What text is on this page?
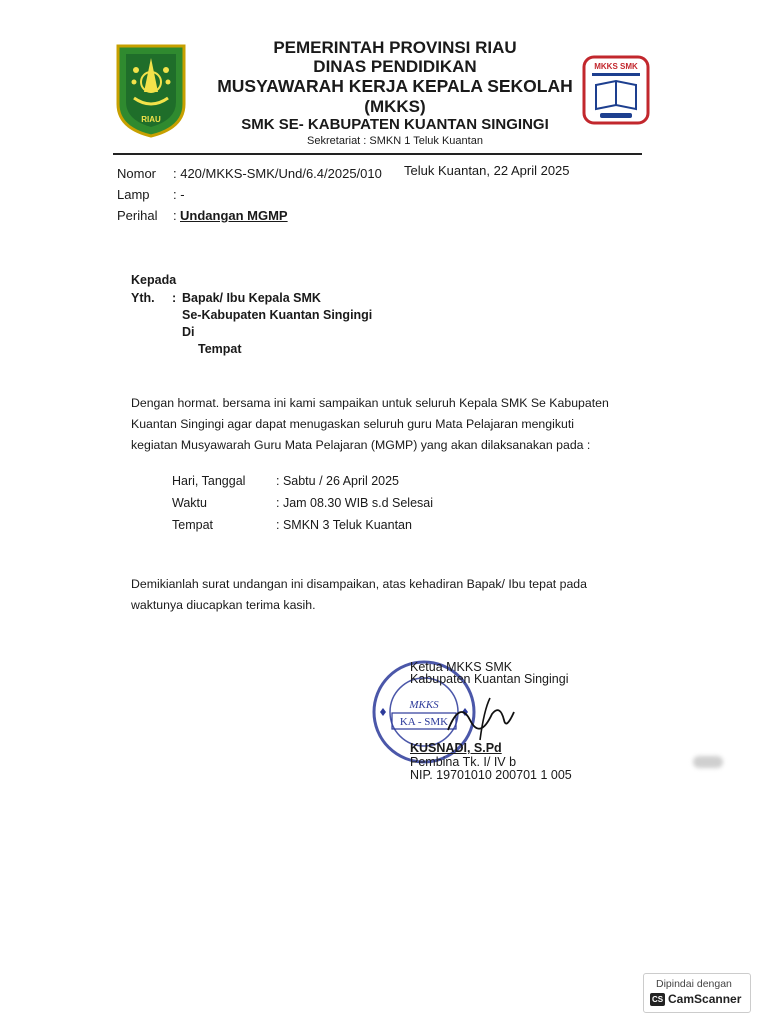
RIAU
MKKS SMK
PEMERINTAH PROVINSI RIAU
DINAS PENDIDIKAN
MUSYAWARAH KERJA KEPALA SEKOLAH
(MKKS)
SMK SE- KABUPATEN KUANTAN SINGINGI
Sekretariat : SMKN 1 Teluk Kuantan
Nomor : 420/MKKS-SMK/Und/6.4/2025/010 Teluk Kuantan, 22 April 2025
Lamp : -
Perihal : Undangan MGMP
Kepada
Yth. : Bapak/ Ibu Kepala SMK
Se-Kabupaten Kuantan Singingi
Di
Tempat
Dengan hormat. bersama ini kami sampaikan untuk seluruh Kepala SMK Se Kabupaten
Kuantan Singingi agar dapat menugaskan seluruh guru Mata Pelajaran mengikuti
kegiatan Musyawarah Guru Mata Pelajaran (MGMP) yang akan dilaksanakan pada :
Hari, Tanggal : Sabtu / 26 April 2025
Waktu	: Jam 08.30 WIB s.d Selesai
Tempat	: SMKN 3 Teluk Kuantan
Demikianlah surat undangan ini disampaikan, atas kehadiran Bapak/ Ibu tepat pada
waktunya diucapkan terima kasih.
MKKS
KA - SMK
Ketua MKKS SMK
Kabupaten Kuantan Singingi
KUSNADI, S.Pd
Pembina Tk. I/ IV b
NIP. 19701010 200701 1 005
Dipindai dengan
CS CamScanner
